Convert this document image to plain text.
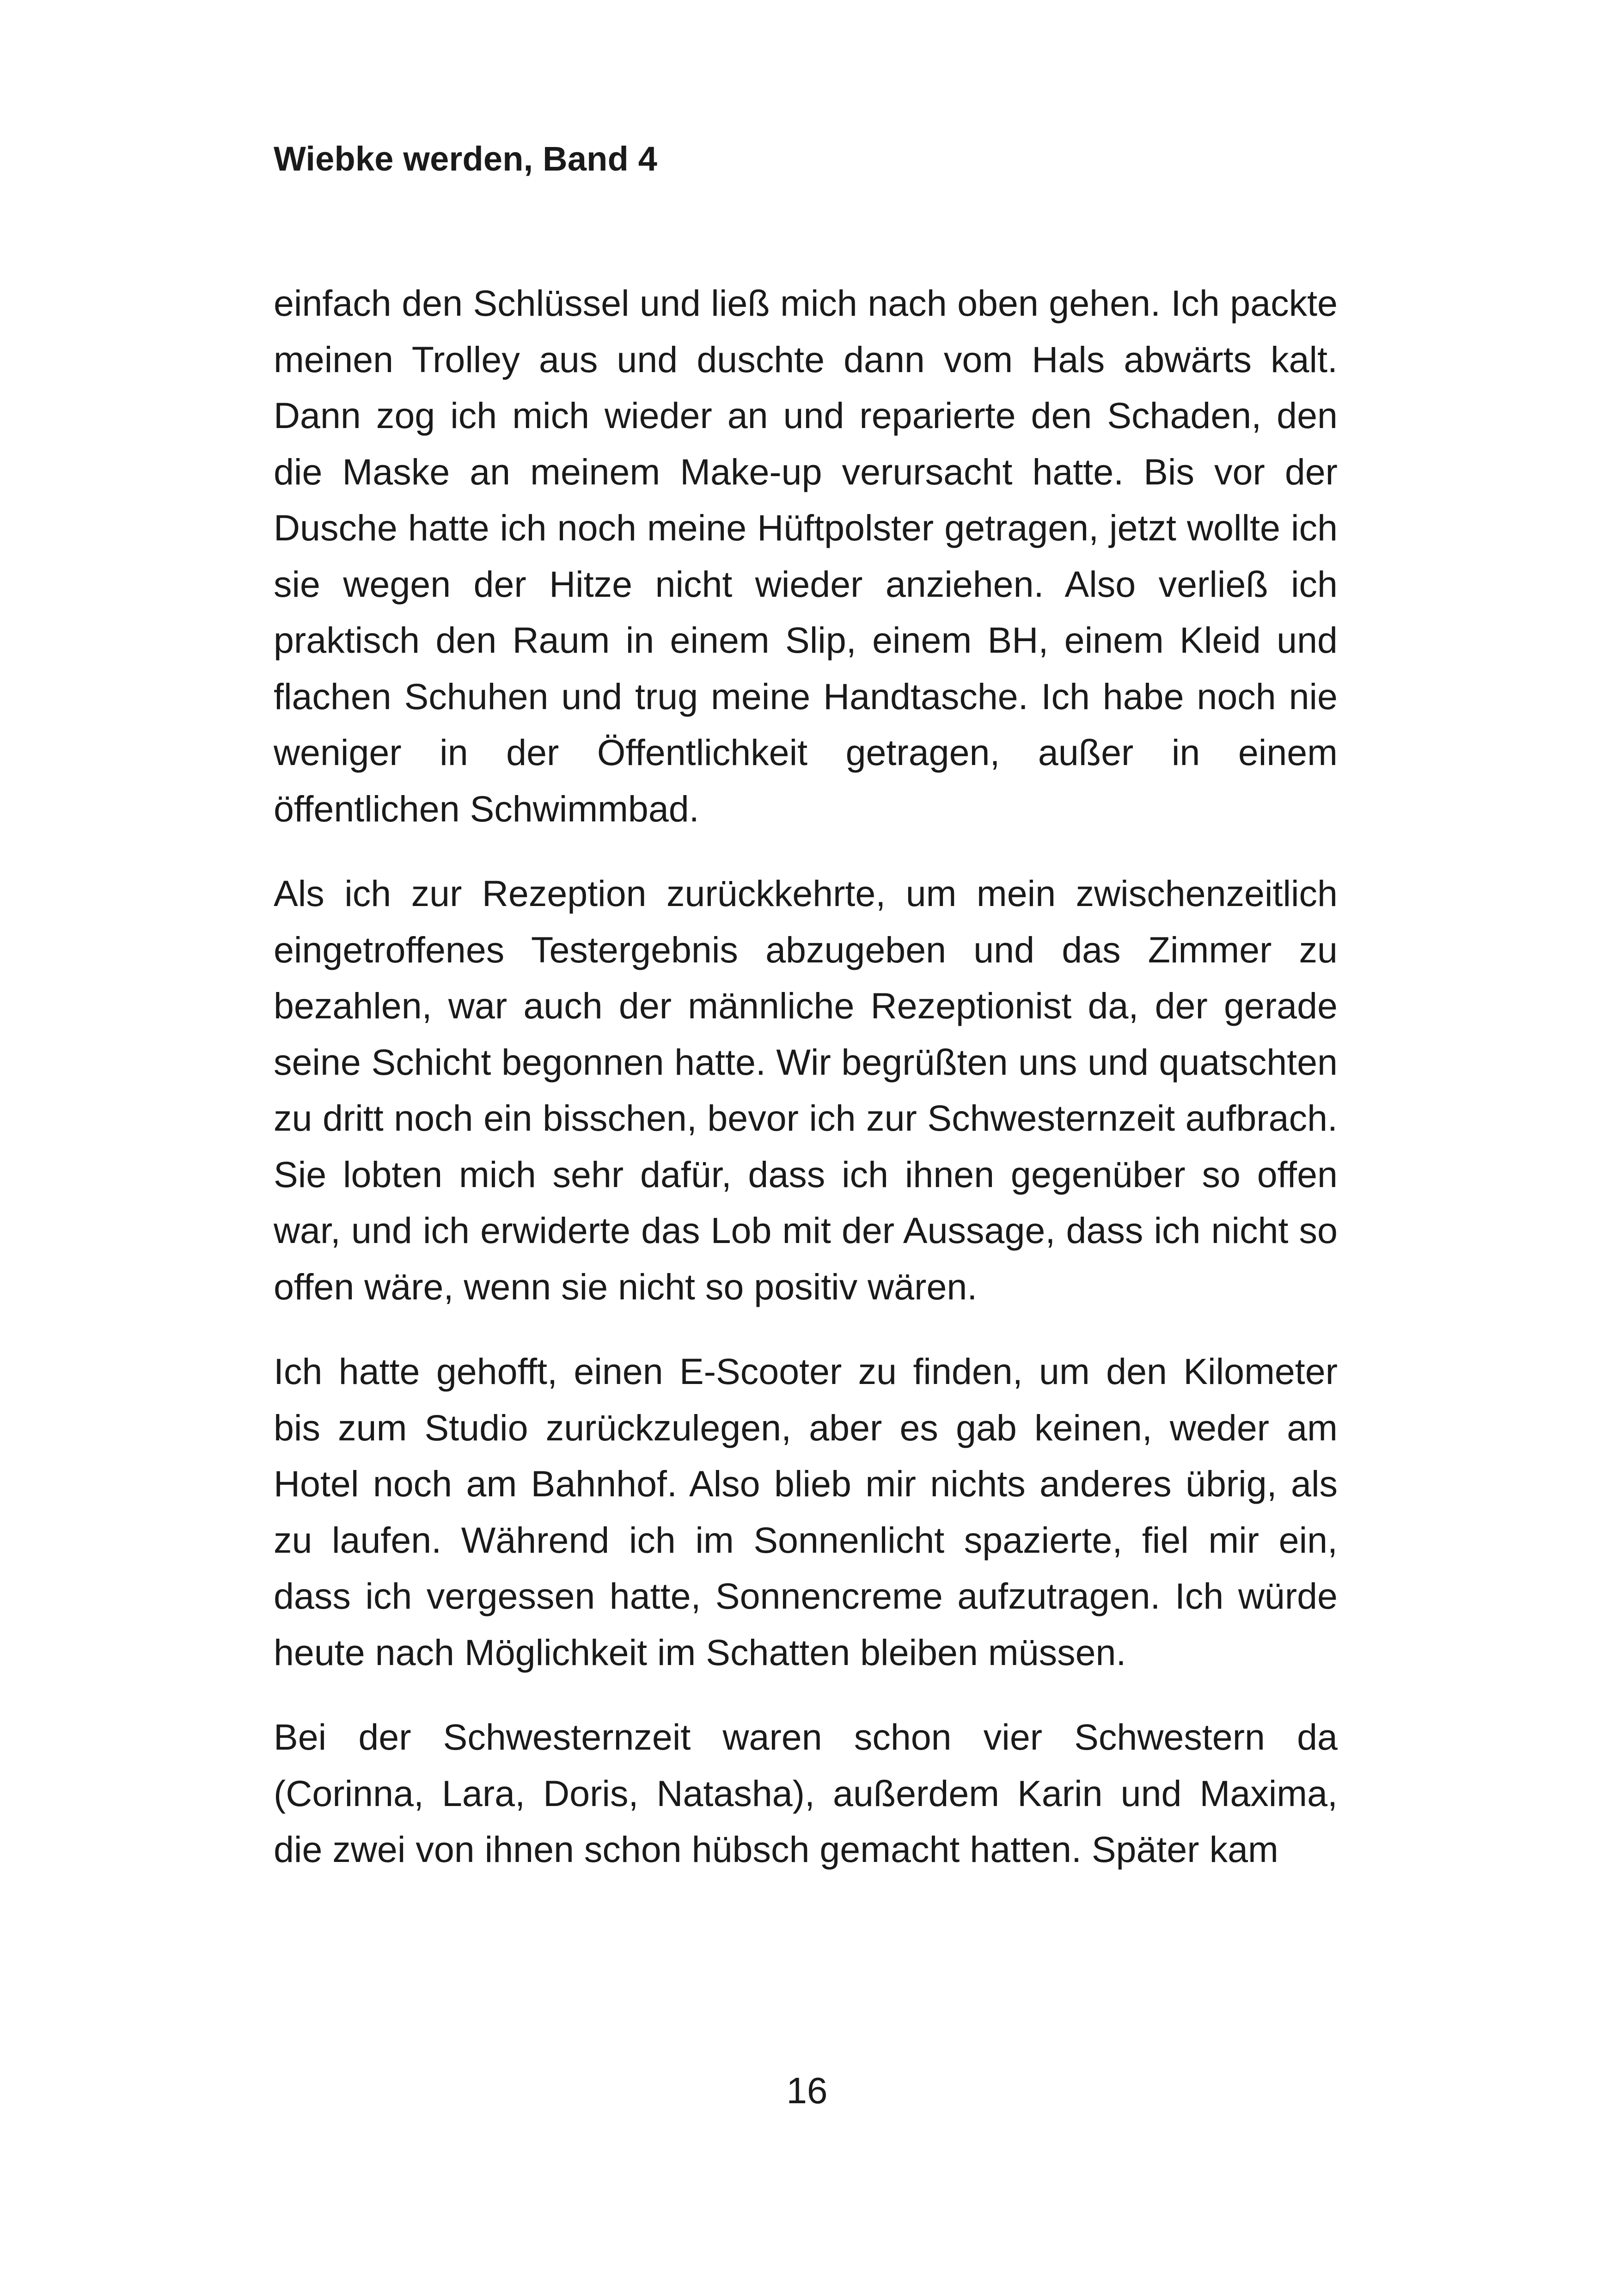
Wiebke werden, Band 4

einfach den Schlüssel und ließ mich nach oben gehen. Ich packte meinen Trolley aus und duschte dann vom Hals abwärts kalt. Dann zog ich mich wieder an und reparierte den Schaden, den die Maske an meinem Make-up verursacht hatte. Bis vor der Dusche hatte ich noch meine Hüftpolster getragen, jetzt wollte ich sie wegen der Hitze nicht wieder anziehen. Also verließ ich praktisch den Raum in einem Slip, einem BH, einem Kleid und flachen Schuhen und trug meine Handtasche. Ich habe noch nie weniger in der Öffentlichkeit getragen, außer in einem öffentlichen Schwimmbad.

Als ich zur Rezeption zurückkehrte, um mein zwischenzeitlich eingetroffenes Testergebnis abzugeben und das Zimmer zu bezahlen, war auch der männliche Rezeptionist da, der gerade seine Schicht begonnen hatte. Wir begrüßten uns und quatschten zu dritt noch ein bisschen, bevor ich zur Schwesternzeit aufbrach. Sie lobten mich sehr dafür, dass ich ihnen gegenüber so offen war, und ich erwiderte das Lob mit der Aussage, dass ich nicht so offen wäre, wenn sie nicht so positiv wären.

Ich hatte gehofft, einen E-Scooter zu finden, um den Kilometer bis zum Studio zurückzulegen, aber es gab keinen, weder am Hotel noch am Bahnhof. Also blieb mir nichts anderes übrig, als zu laufen. Während ich im Sonnenlicht spazierte, fiel mir ein, dass ich vergessen hatte, Sonnencreme aufzutragen. Ich würde heute nach Möglichkeit im Schatten bleiben müssen.

Bei der Schwesternzeit waren schon vier Schwestern da (Corinna, Lara, Doris, Natasha), außerdem Karin und Maxima, die zwei von ihnen schon hübsch gemacht hatten. Später kam

16
